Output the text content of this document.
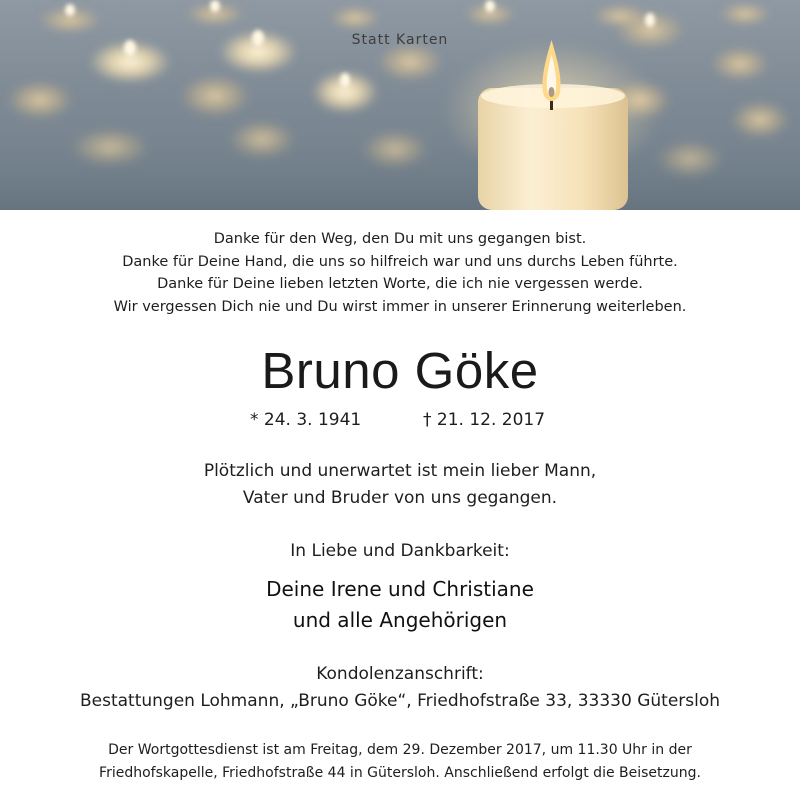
Statt Karten
Danke für den Weg, den Du mit uns gegangen bist.
Danke für Deine Hand, die uns so hilfreich war und uns durchs Leben führte.
Danke für Deine lieben letzten Worte, die ich nie vergessen werde.
Wir vergessen Dich nie und Du wirst immer in unserer Erinnerung weiterleben.
Bruno Göke
* 24. 3. 1941	† 21. 12. 2017
Plötzlich und unerwartet ist mein lieber Mann,
Vater und Bruder von uns gegangen.
In Liebe und Dankbarkeit:
Deine Irene und Christiane
und alle Angehörigen
Kondolenzanschrift:
Bestattungen Lohmann, „Bruno Göke“, Friedhofstraße 33, 33330 Gütersloh
Der Wortgottesdienst ist am Freitag, dem 29. Dezember 2017, um 11.30 Uhr in der
Friedhofskapelle, Friedhofstraße 44 in Gütersloh. Anschließend erfolgt die Beisetzung.
